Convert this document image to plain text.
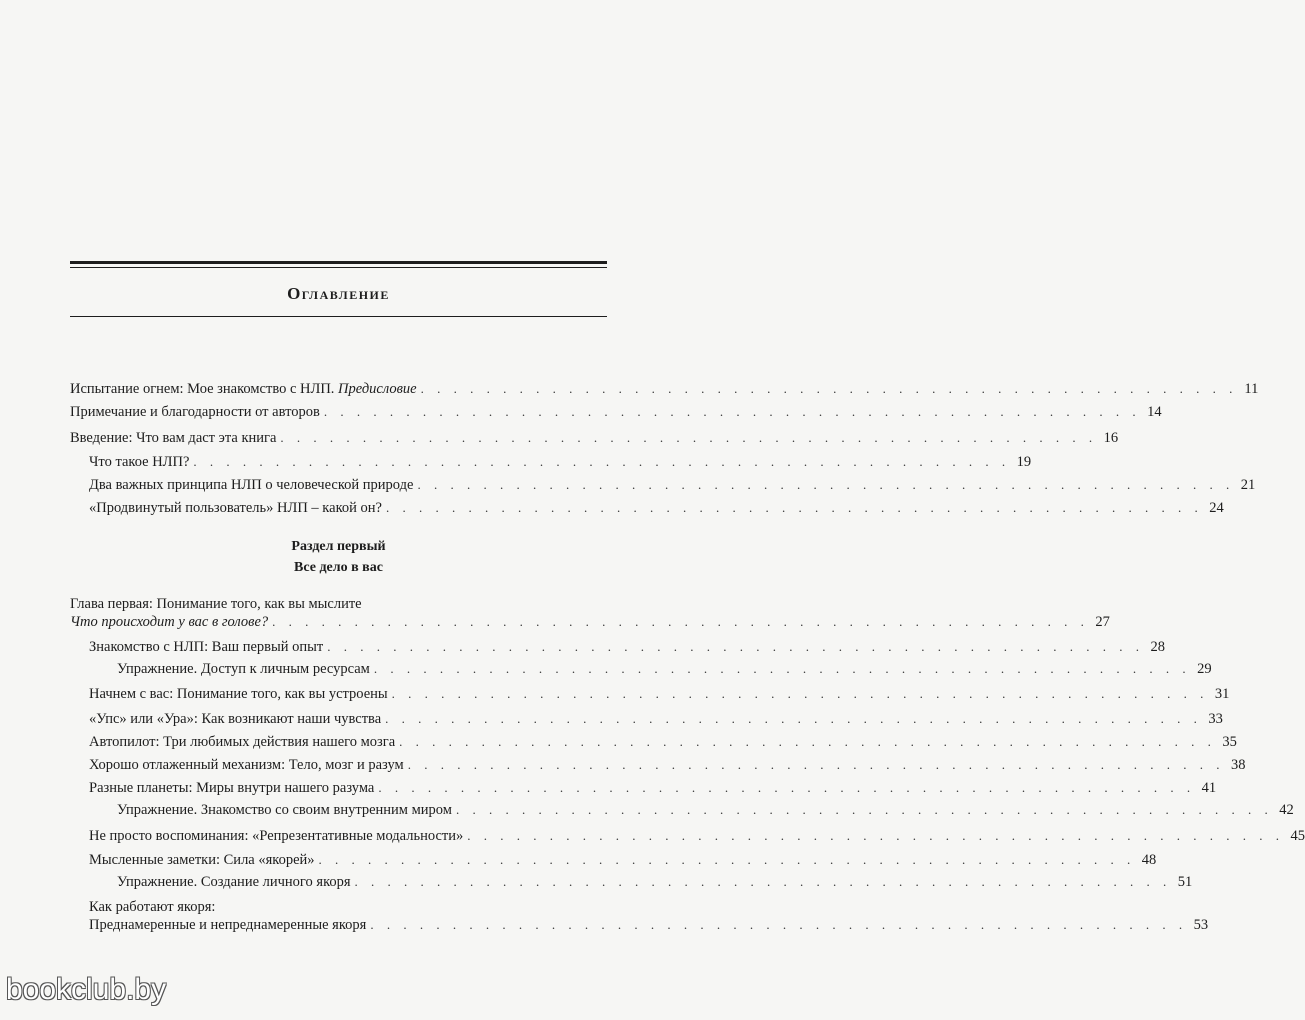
Оглавление
Испытание огнем: Мое знакомство с НЛП. Предисловие . . . . . . . . . . . . . . . . . . . . . . . . . . . . . . . . . . . . . . . . . . . . . . . . . . 11
Примечание и благодарности от авторов . . . . . . . . . . . . . . . . . . . . . . . . . . . . . . . . . . . . . . . . . . . . . . . . . . 14
Введение: Что вам даст эта книга . . . . . . . . . . . . . . . . . . . . . . . . . . . . . . . . . . . . . . . . . . . . . . . . . . 16
Что такое НЛП? . . . . . . . . . . . . . . . . . . . . . . . . . . . . . . . . . . . . . . . . . . . . . . . . . . 19
Два важных принципа НЛП о человеческой природе . . . . . . . . . . . . . . . . . . . . . . . . . . . . . . . . . . . . . . . . . . . . . . . . . . 21
«Продвинутый пользователь» НЛП – какой он? . . . . . . . . . . . . . . . . . . . . . . . . . . . . . . . . . . . . . . . . . . . . . . . . . . 24
Раздел первый
Все дело в вас
Глава первая: Понимание того, как вы мыслите
Что происходит у вас в голове? . . . . . . . . . . . . . . . . . . . . . . . . . . . . . . . . . . . . . . . . . . . . . . . . . . 27
Знакомство с НЛП: Ваш первый опыт . . . . . . . . . . . . . . . . . . . . . . . . . . . . . . . . . . . . . . . . . . . . . . . . . . 28
Упражнение. Доступ к личным ресурсам . . . . . . . . . . . . . . . . . . . . . . . . . . . . . . . . . . . . . . . . . . . . . . . . . . 29
Начнем с вас: Понимание того, как вы устроены . . . . . . . . . . . . . . . . . . . . . . . . . . . . . . . . . . . . . . . . . . . . . . . . . . 31
«Упс» или «Ура»: Как возникают наши чувства . . . . . . . . . . . . . . . . . . . . . . . . . . . . . . . . . . . . . . . . . . . . . . . . . . 33
Автопилот: Три любимых действия нашего мозга . . . . . . . . . . . . . . . . . . . . . . . . . . . . . . . . . . . . . . . . . . . . . . . . . . 35
Хорошо отлаженный механизм: Тело, мозг и разум . . . . . . . . . . . . . . . . . . . . . . . . . . . . . . . . . . . . . . . . . . . . . . . . . . 38
Разные планеты: Миры внутри нашего разума . . . . . . . . . . . . . . . . . . . . . . . . . . . . . . . . . . . . . . . . . . . . . . . . . . 41
Упражнение. Знакомство со своим внутренним миром . . . . . . . . . . . . . . . . . . . . . . . . . . . . . . . . . . . . . . . . . . . . . . . . . . 42
Не просто воспоминания: «Репрезентативные модальности» . . . . . . . . . . . . . . . . . . . . . . . . . . . . . . . . . . . . . . . . . . . . . . . . . . 45
Мысленные заметки: Сила «якорей» . . . . . . . . . . . . . . . . . . . . . . . . . . . . . . . . . . . . . . . . . . . . . . . . . . 48
Упражнение. Создание личного якоря . . . . . . . . . . . . . . . . . . . . . . . . . . . . . . . . . . . . . . . . . . . . . . . . . . 51
Как работают якоря:
Преднамеренные и непреднамеренные якоря . . . . . . . . . . . . . . . . . . . . . . . . . . . . . . . . . . . . . . . . . . . . . . . . . . 53
bookclub.by
